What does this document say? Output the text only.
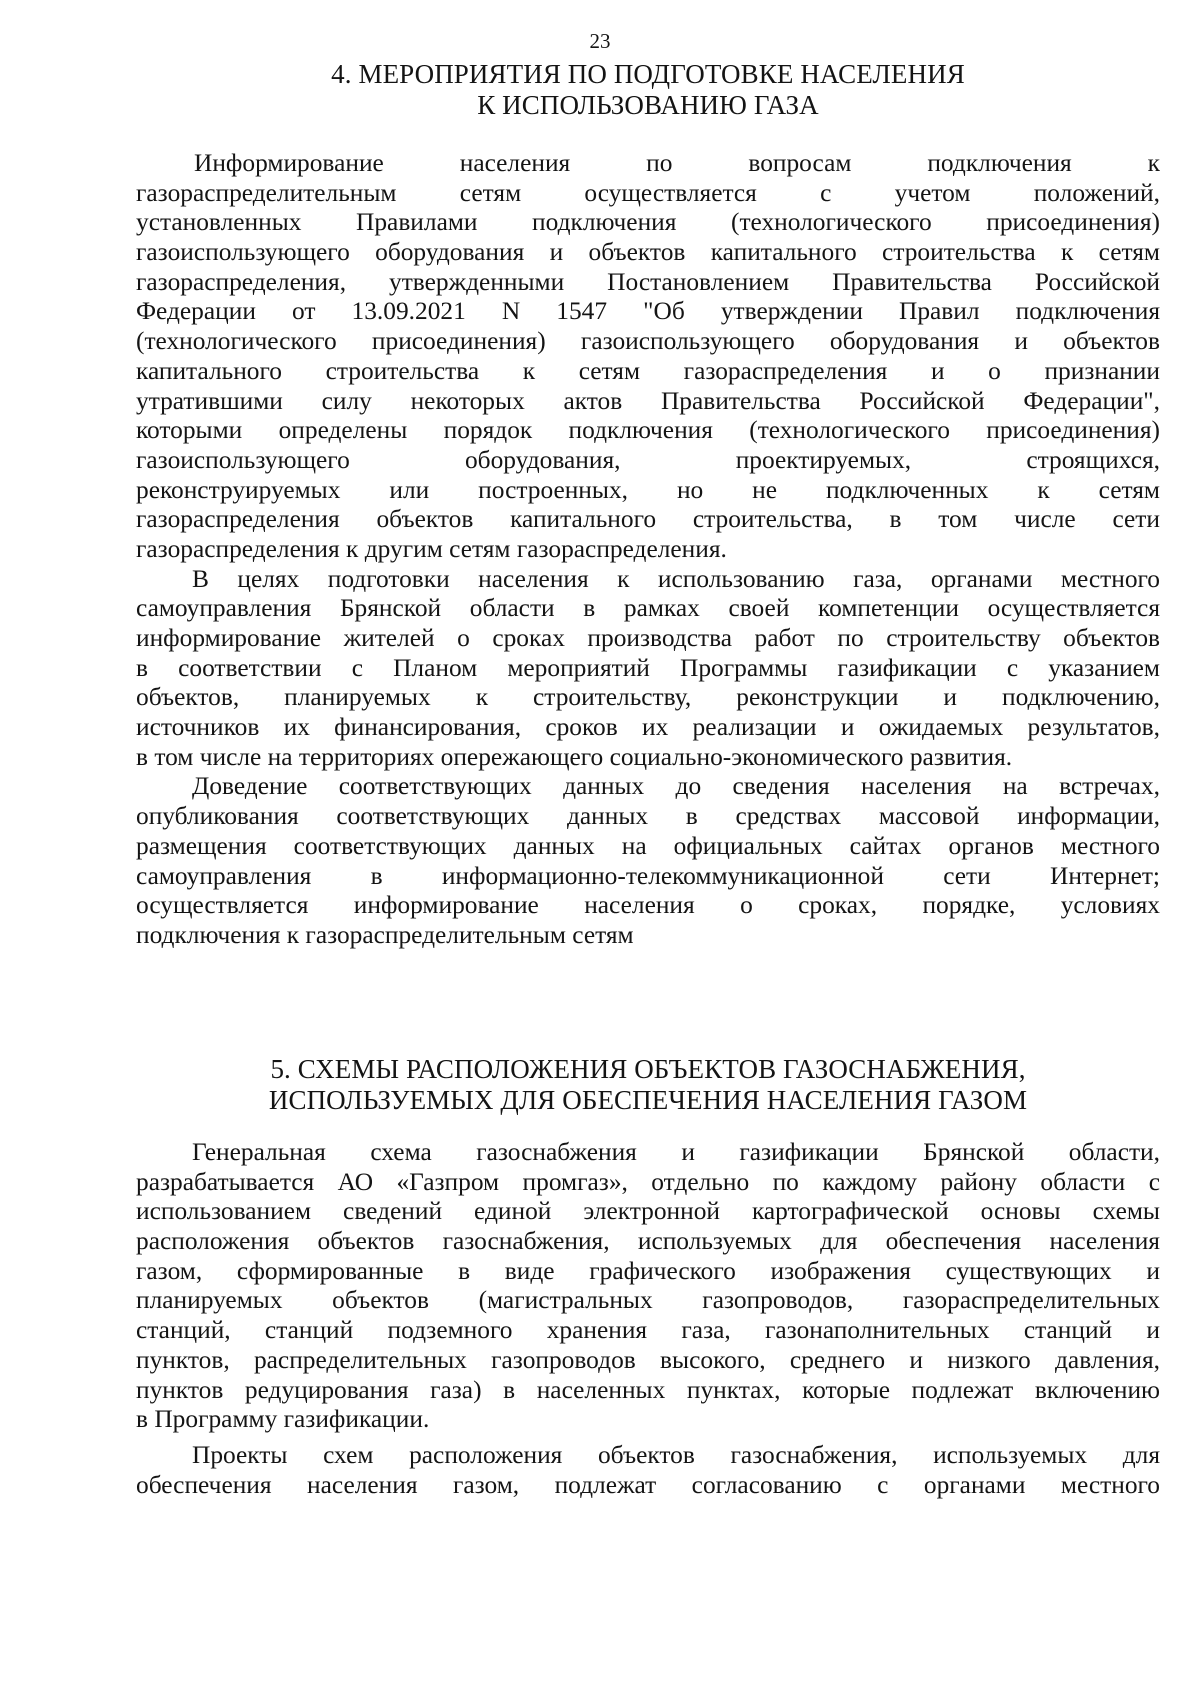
23
4. МЕРОПРИЯТИЯ ПО ПОДГОТОВКЕ НАСЕЛЕНИЯ
К ИСПОЛЬЗОВАНИЮ ГАЗА
Информирование населения по вопросам подключения к
газораспределительным сетям осуществляется с учетом положений,
установленных Правилами подключения (технологического присоединения)
газоиспользующего оборудования и объектов капитального строительства к сетям
газораспределения, утвержденными Постановлением Правительства Российской
Федерации от 13.09.2021 N 1547 "Об утверждении Правил подключения
(технологического присоединения) газоиспользующего оборудования и объектов
капитального строительства к сетям газораспределения и о признании
утратившими силу некоторых актов Правительства Российской Федерации",
которыми определены порядок подключения (технологического присоединения)
газоиспользующего оборудования, проектируемых, строящихся,
реконструируемых или построенных, но не подключенных к сетям
газораспределения объектов капитального строительства, в том числе сети
газораспределения к другим сетям газораспределения.
В целях подготовки населения к использованию газа, органами местного
самоуправления Брянской области в рамках своей компетенции осуществляется
информирование жителей о сроках производства работ по строительству объектов
в соответствии с Планом мероприятий Программы газификации с указанием
объектов, планируемых к строительству, реконструкции и подключению,
источников их финансирования, сроков их реализации и ожидаемых результатов,
в том числе на территориях опережающего социально-экономического развития.
Доведение соответствующих данных до сведения населения на встречах,
опубликования соответствующих данных в средствах массовой информации,
размещения соответствующих данных на официальных сайтах органов местного
самоуправления в информационно-телекоммуникационной сети Интернет;
осуществляется информирование населения о сроках, порядке, условиях
подключения к газораспределительным сетям
5. СХЕМЫ РАСПОЛОЖЕНИЯ ОБЪЕКТОВ ГАЗОСНАБЖЕНИЯ,
ИСПОЛЬЗУЕМЫХ ДЛЯ ОБЕСПЕЧЕНИЯ НАСЕЛЕНИЯ ГАЗОМ
Генеральная схема газоснабжения и газификации Брянской области,
разрабатывается АО «Газпром промгаз», отдельно по каждому району области с
использованием сведений единой электронной картографической основы схемы
расположения объектов газоснабжения, используемых для обеспечения населения
газом, сформированные в виде графического изображения существующих и
планируемых объектов (магистральных газопроводов, газораспределительных
станций, станций подземного хранения газа, газонаполнительных станций и
пунктов, распределительных газопроводов высокого, среднего и низкого давления,
пунктов редуцирования газа) в населенных пунктах, которые подлежат включению
в Программу газификации.
Проекты схем расположения объектов газоснабжения, используемых для
обеспечения населения газом, подлежат согласованию с органами местного
